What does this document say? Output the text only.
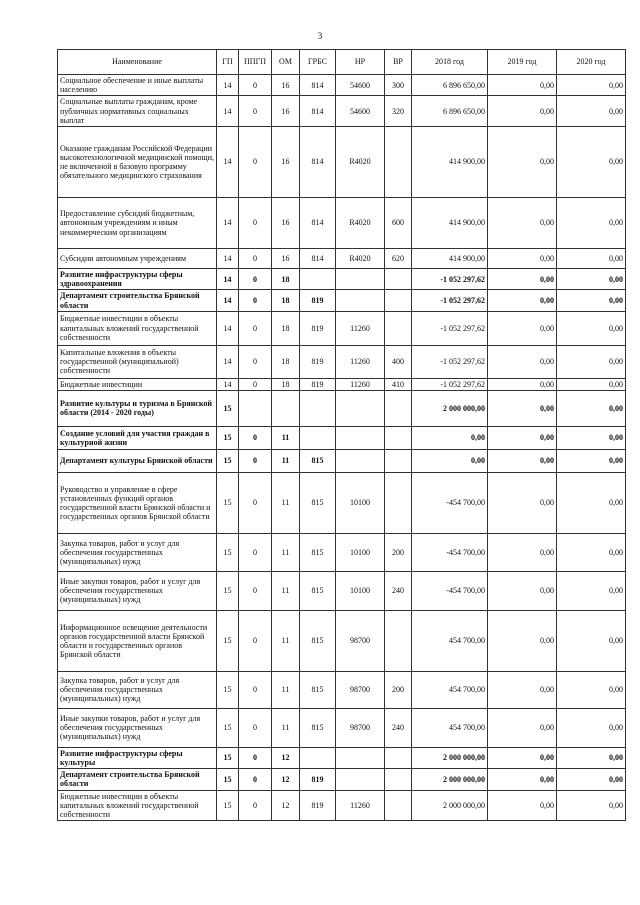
3
Наименование	ГП	ППГП	ОМ	ГРБС	НР	ВР	2018 год	2019 год	2020 год
Социальное обеспечение и иные выплаты населению	14	0	16	814	54600	300	6 896 650,00	0,00	0,00
Социальные выплаты гражданам, кроме публичных нормативных социальных выплат	14	0	16	814	54600	320	6 896 650,00	0,00	0,00
Оказание гражданам Российской Федерации высокотехнологичной медицинской помощи, не включенной в базовую программу обязательного медицинского страхования	14	0	16	814	R4020		414 900,00	0,00	0,00
Предоставление субсидий бюджетным, автономным учреждениям и иным некоммерческим организациям	14	0	16	814	R4020	600	414 900,00	0,00	0,00
Субсидии автономным учреждениям	14	0	16	814	R4020	620	414 900,00	0,00	0,00
Развитие инфраструктуры сферы здравоохранения	14	0	18				-1 052 297,62	0,00	0,00
Департамент строительства Брянской области	14	0	18	819			-1 052 297,62	0,00	0,00
Бюджетные инвестиции в объекты капитальных вложений государственной собственности	14	0	18	819	11260		-1 052 297,62	0,00	0,00
Капитальные вложения в объекты государственной (муниципальной) собственности	14	0	18	819	11260	400	-1 052 297,62	0,00	0,00
Бюджетные инвестиции	14	0	18	819	11260	410	-1 052 297,62	0,00	0,00
Развитие культуры и туризма в Брянской области (2014 - 2020 годы)	15						2 000 000,00	0,00	0,00
Создание условий для участия граждан в культурной жизни	15	0	11				0,00	0,00	0,00
Департамент культуры Брянской области	15	0	11	815			0,00	0,00	0,00
Руководство и управление в сфере установленных функций органов государственной власти Брянской области и государственных органов Брянской области	15	0	11	815	10100		-454 700,00	0,00	0,00
Закупка товаров, работ и услуг для обеспечения государственных (муниципальных) нужд	15	0	11	815	10100	200	-454 700,00	0,00	0,00
Иные закупки товаров, работ и услуг для обеспечения государственных (муниципальных) нужд	15	0	11	815	10100	240	-454 700,00	0,00	0,00
Информационное освещение деятельности органов государственной власти Брянской области и государственных органов Брянской области	15	0	11	815	98700		454 700,00	0,00	0,00
Закупка товаров, работ и услуг для обеспечения государственных (муниципальных) нужд	15	0	11	815	98700	200	454 700,00	0,00	0,00
Иные закупки товаров, работ и услуг для обеспечения государственных (муниципальных) нужд	15	0	11	815	98700	240	454 700,00	0,00	0,00
Развитие инфраструктуры сферы культуры	15	0	12				2 000 000,00	0,00	0,00
Департамент строительства Брянской области	15	0	12	819			2 000 000,00	0,00	0,00
Бюджетные инвестиции в объекты капитальных вложений государственной собственности	15	0	12	819	11260		2 000 000,00	0,00	0,00
